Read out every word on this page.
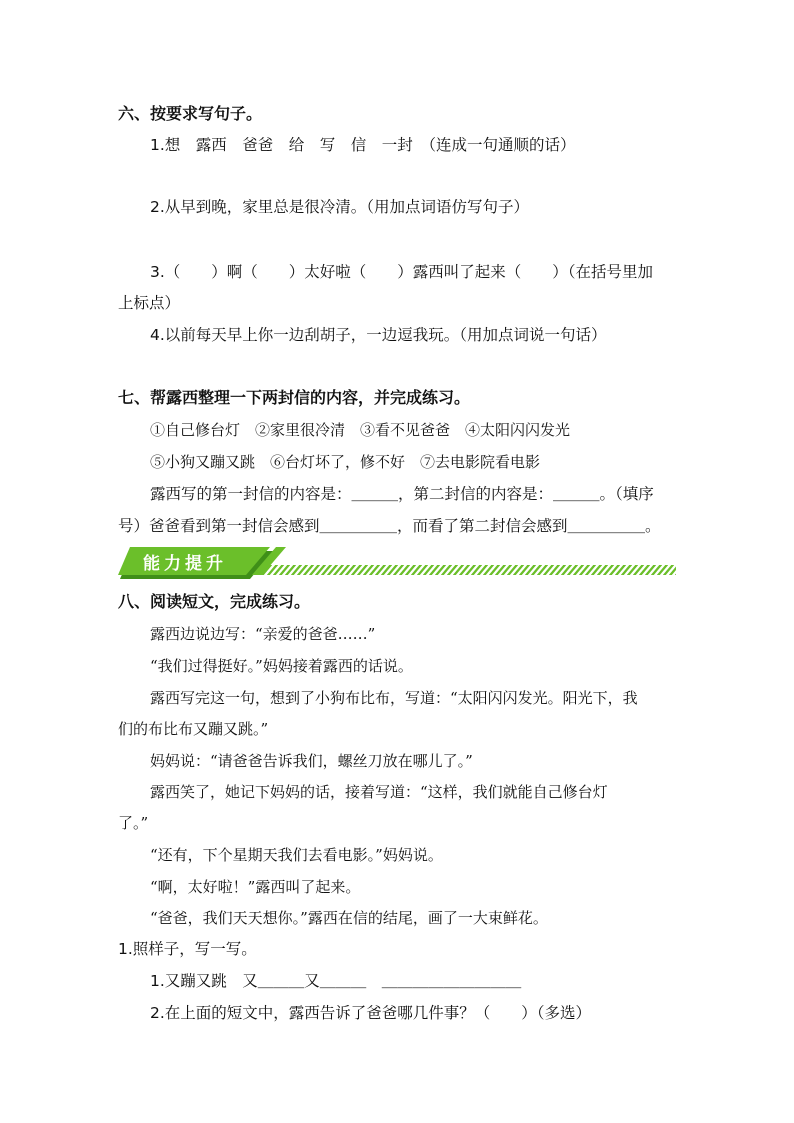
六、按要求写句子。
1.想　露西　爸爸　给　写　信　一封　（连成一句通顺的话）
2.从早到晚，家里总是很冷清。（用加点词语仿写句子）
3.（　　）啊（　　）太好啦（　　）露西叫了起来（　　）（在括号里加
上标点）
4.以前每天早上你一边刮胡子，一边逗我玩。（用加点词说一句话）
七、帮露西整理一下两封信的内容，并完成练习。
①自己修台灯　②家里很冷清　③看不见爸爸　④太阳闪闪发光
⑤小狗又蹦又跳　⑥台灯坏了，修不好　⑦去电影院看电影
露西写的第一封信的内容是：＿＿＿，第二封信的内容是：＿＿＿。（填序
号）爸爸看到第一封信会感到＿＿＿＿＿，而看了第二封信会感到＿＿＿＿＿。
能力提升
八、阅读短文，完成练习。
露西边说边写：“亲爱的爸爸……”
“我们过得挺好。”妈妈接着露西的话说。
露西写完这一句，想到了小狗布比布，写道：“太阳闪闪发光。阳光下，我
们的布比布又蹦又跳。”
妈妈说：“请爸爸告诉我们，螺丝刀放在哪儿了。”
露西笑了，她记下妈妈的话，接着写道：“这样，我们就能自己修台灯
了。”
“还有，下个星期天我们去看电影。”妈妈说。
“啊，太好啦！”露西叫了起来。
“爸爸，我们天天想你。”露西在信的结尾，画了一大束鲜花。
1.照样子，写一写。
1.又蹦又跳　又＿＿＿又＿＿＿　＿＿＿＿＿＿＿＿＿
2.在上面的短文中，露西告诉了爸爸哪几件事？（　　）（多选）
